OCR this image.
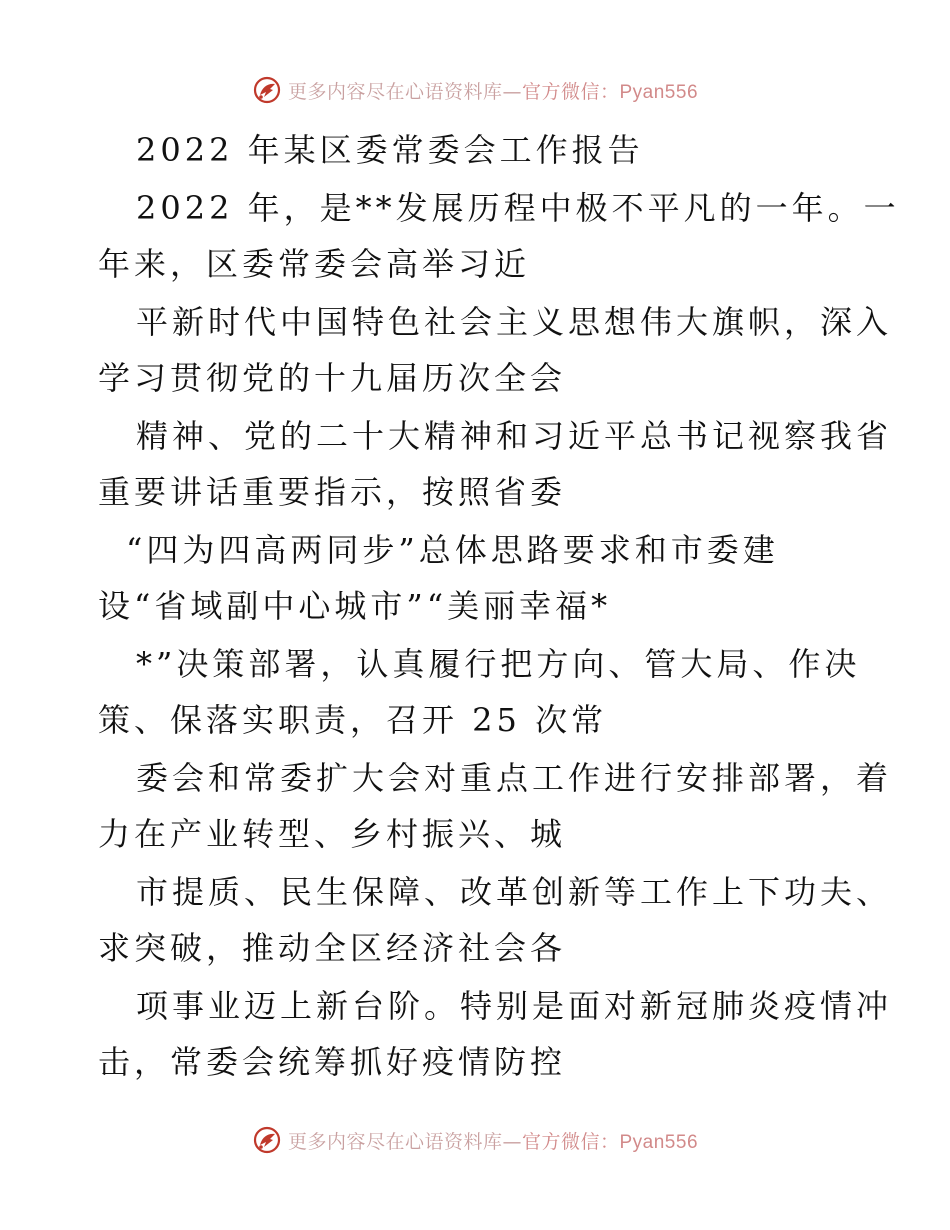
更多内容尽在心语资料库—官方微信：Pyan556
2022 年某区委常委会工作报告
2022 年，是**发展历程中极不平凡的一年。一
年来，区委常委会高举习近
平新时代中国特色社会主义思想伟大旗帜，深入
学习贯彻党的十九届历次全会
精神、党的二十大精神和习近平总书记视察我省
重要讲话重要指示，按照省委
“四为四高两同步”总体思路要求和市委建
设“省域副中心城市”“美丽幸福*
*”决策部署，认真履行把方向、管大局、作决
策、保落实职责，召开 25 次常
委会和常委扩大会对重点工作进行安排部署，着
力在产业转型、乡村振兴、城
市提质、民生保障、改革创新等工作上下功夫、
求突破，推动全区经济社会各
项事业迈上新台阶。特别是面对新冠肺炎疫情冲
击，常委会统筹抓好疫情防控
更多内容尽在心语资料库—官方微信：Pyan556
